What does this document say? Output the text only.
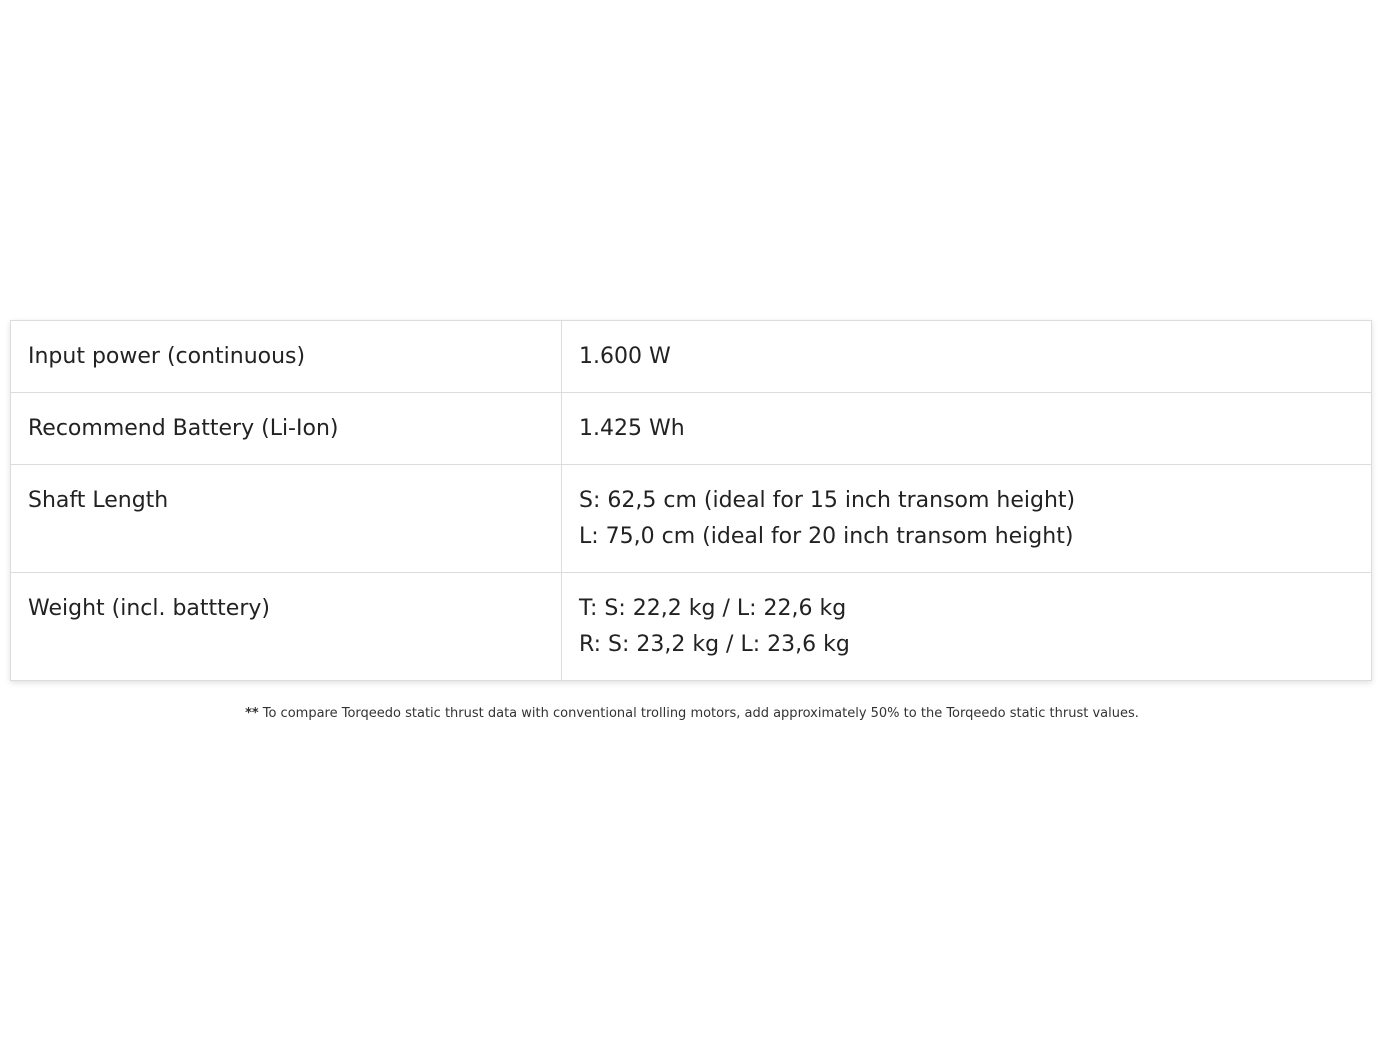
Input power (continuous)	1.600 W

Recommend Battery (Li-Ion)	1.425 Wh

Shaft Length	S: 62,5 cm (ideal for 15 inch transom height)
L: 75,0 cm (ideal for 20 inch transom height)

Weight (incl. batttery)	T: S: 22,2 kg / L: 22,6 kg
R: S: 23,2 kg / L: 23,6 kg
** To compare Torqeedo static thrust data with conventional trolling motors, add approximately 50% to the Torqeedo static thrust values.
